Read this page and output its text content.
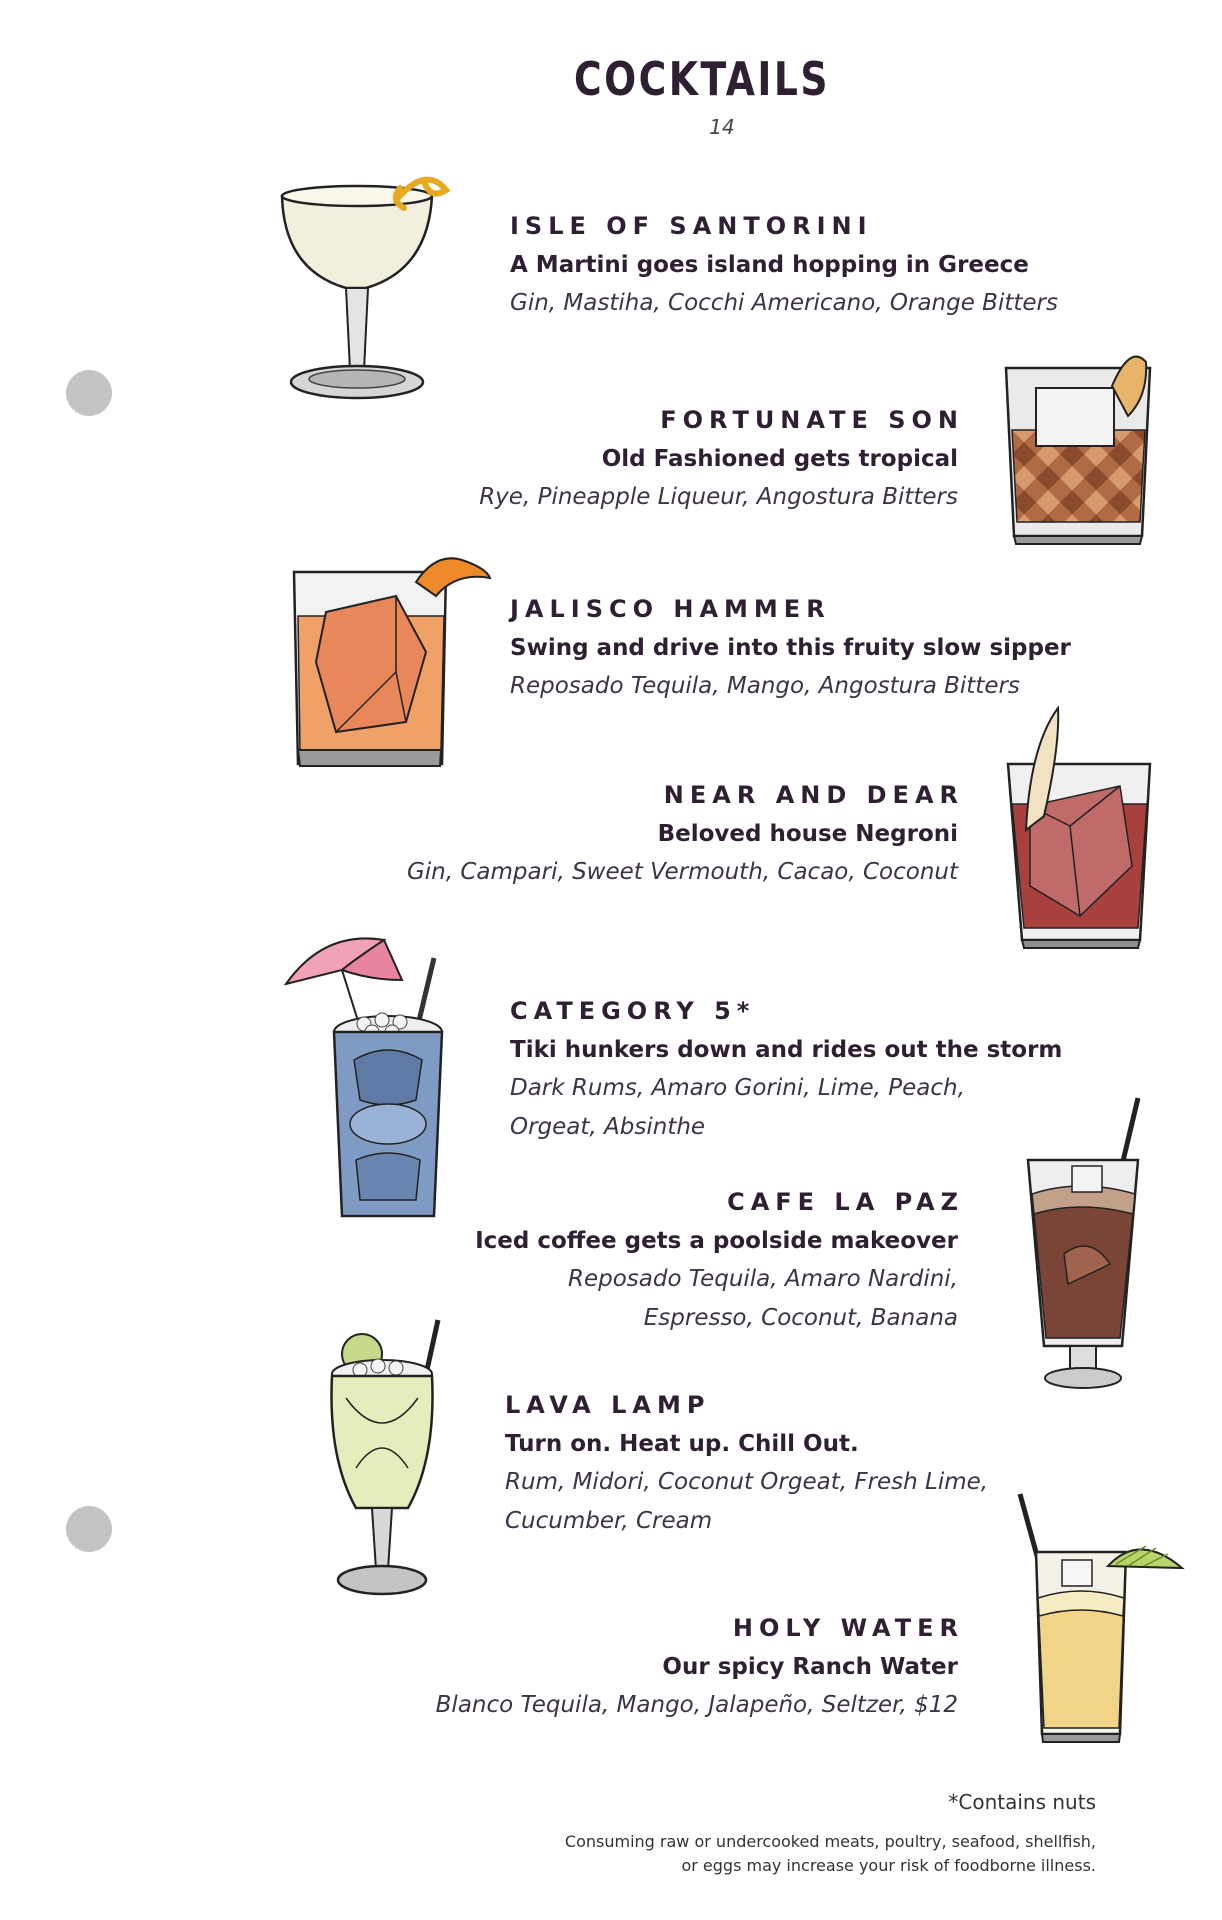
COCKTAILS
14
ISLE OF SANTORINI
A Martini goes island hopping in Greece
Gin, Mastiha, Cocchi Americano, Orange Bitters
FORTUNATE SON
Old Fashioned gets tropical
Rye, Pineapple Liqueur, Angostura Bitters
JALISCO HAMMER
Swing and drive into this fruity slow sipper
Reposado Tequila, Mango, Angostura Bitters
NEAR AND DEAR
Beloved house Negroni
Gin, Campari, Sweet Vermouth, Cacao, Coconut
CATEGORY 5*
Tiki hunkers down and rides out the storm
Dark Rums, Amaro Gorini, Lime, Peach,
Orgeat, Absinthe
CAFE LA PAZ
Iced coffee gets a poolside makeover
Reposado Tequila, Amaro Nardini,
Espresso, Coconut, Banana
LAVA LAMP
Turn on. Heat up. Chill Out.
Rum, Midori, Coconut Orgeat, Fresh Lime,
Cucumber, Cream
HOLY WATER
Our spicy Ranch Water
Blanco Tequila, Mango, Jalapeño, Seltzer, $12
*Contains nuts
Consuming raw or undercooked meats, poultry, seafood, shellfish,
or eggs may increase your risk of foodborne illness.
